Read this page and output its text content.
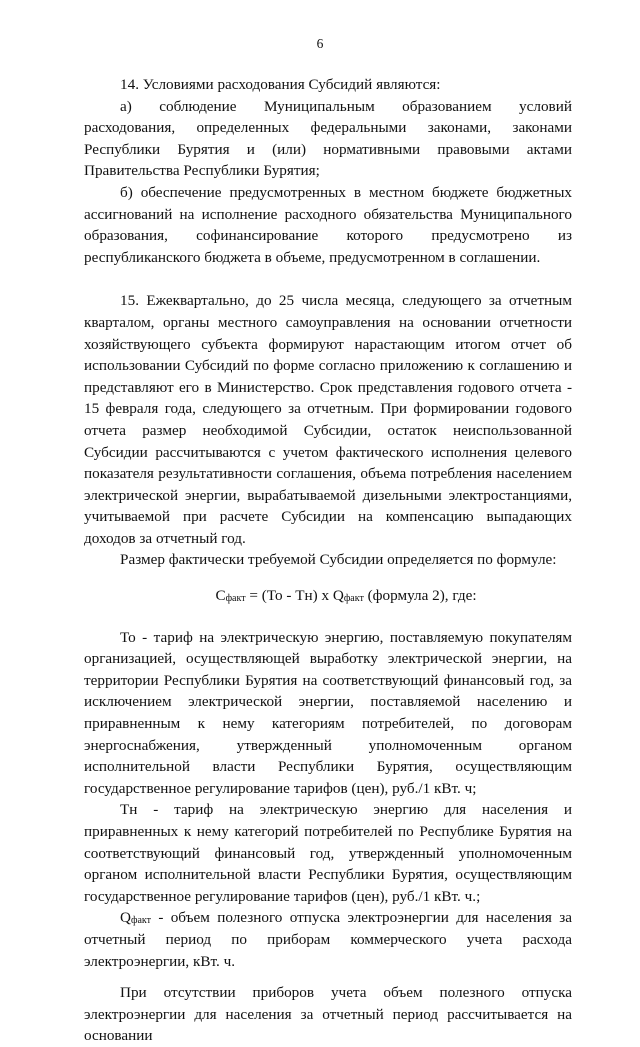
6

14. Условиями расходования Субсидий являются:

а) соблюдение Муниципальным образованием условий расходования, определенных федеральными законами, законами Республики Бурятия и (или) нормативными правовыми актами Правительства Республики Бурятия;

б) обеспечение предусмотренных в местном бюджете бюджетных ассигнований на исполнение расходного обязательства Муниципального образования, софинансирование которого предусмотрено из республиканского бюджета в объеме, предусмотренном в соглашении.

15. Ежеквартально, до 25 числа месяца, следующего за отчетным кварталом, органы местного самоуправления на основании отчетности хозяйствующего субъекта формируют нарастающим итогом отчет об использовании Субсидий по форме согласно приложению к соглашению и представляют его в Министерство. Срок представления годового отчета - 15 февраля года, следующего за отчетным. При формировании годового отчета размер необходимой Субсидии, остаток неиспользованной Субсидии рассчитываются с учетом фактического исполнения целевого показателя результативности соглашения, объема потребления населением электрической энергии, вырабатываемой дизельными электростанциями, учитываемой при расчете Субсидии на компенсацию выпадающих доходов за отчетный год.

Размер фактически требуемой Субсидии определяется по формуле:

$С_{факт} = (То - Тн)$ х $Q_{факт}$ (формула 2), где:

То - тариф на электрическую энергию, поставляемую покупателям организацией, осуществляющей выработку электрической энергии, на территории Республики Бурятия на соответствующий финансовый год, за исключением электрической энергии, поставляемой населению и приравненным к нему категориям потребителей, по договорам энергоснабжения, утвержденный уполномоченным органом исполнительной власти Республики Бурятия, осуществляющим государственное регулирование тарифов (цен), руб./1 кВт. ч;

Тн - тариф на электрическую энергию для населения и приравненных к нему категорий потребителей по Республике Бурятия на соответствующий финансовый год, утвержденный уполномоченным органом исполнительной власти Республики Бурятия, осуществляющим государственное регулирование тарифов (цен), руб./1 кВт. ч.;

$Q_{факт}$ - объем полезного отпуска электроэнергии для населения за отчетный период по приборам коммерческого учета расхода электроэнергии, кВт. ч.

При отсутствии приборов учета объем полезного отпуска электроэнергии для населения за отчетный период рассчитывается на основании
